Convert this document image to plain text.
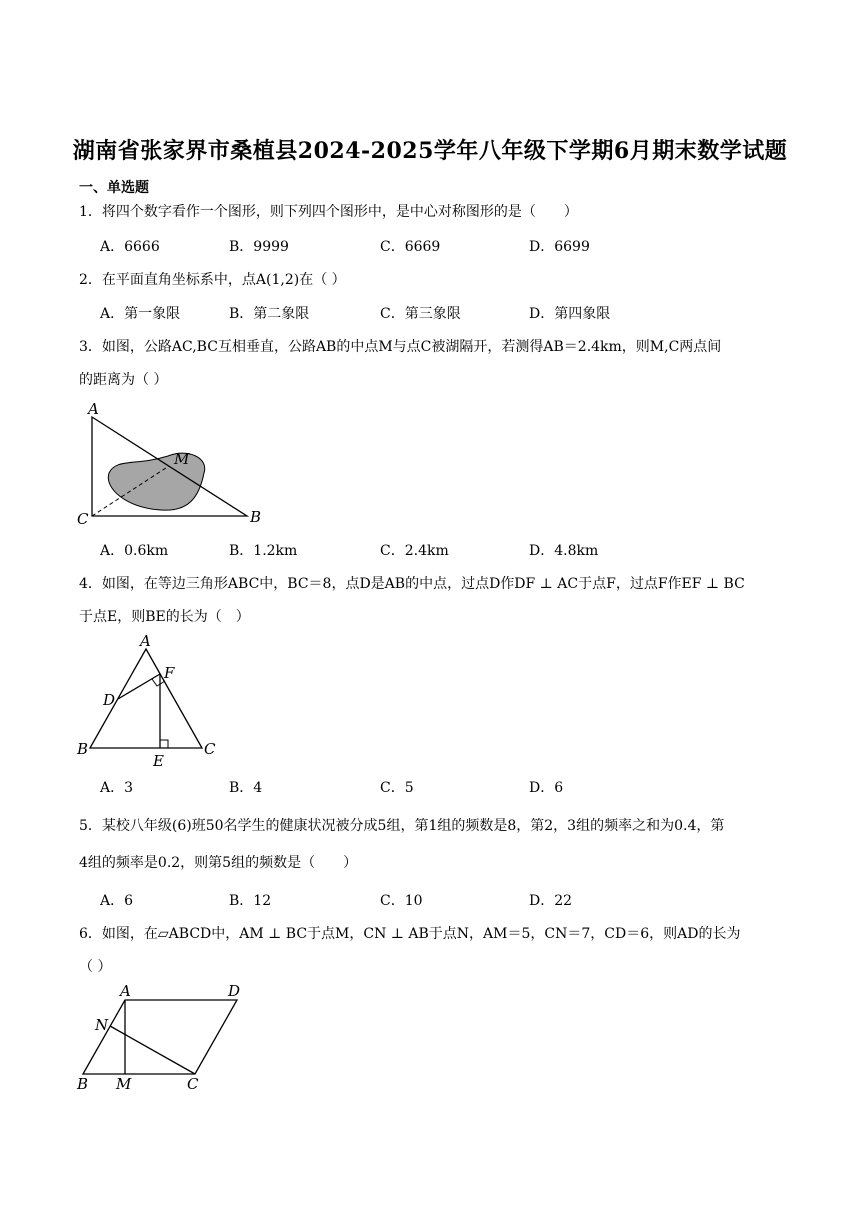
湖南省张家界市桑植县2024-2025学年八年级下学期6月期末数学试题
一、单选题
1．将四个数字看作一个图形，则下列四个图形中，是中心对称图形的是（　　）
A．6666	B．9999	C．6669	D．6699
2．在平面直角坐标系中，点A(1,2)在（ ）
A．第一象限	B．第二象限	C．第三象限	D．第四象限
3．如图，公路AC,BC互相垂直，公路AB的中点M与点C被湖隔开，若测得AB＝2.4km，则M,C两点间
的距离为（ ）
A
M
C	B
A．0.6km	B．1.2km	C．2.4km	D．4.8km
4．如图，在等边三角形ABC中，BC＝8，点D是AB的中点，过点D作DF ⊥ AC于点F，过点F作EF ⊥ BC
于点E，则BE的长为（　）
A
F
D
B
E
C
A．3	B．4	C．5	D．6
5．某校八年级(6)班50名学生的健康状况被分成5组，第1组的频数是8，第2，3组的频率之和为0.4，第
4组的频率是0.2，则第5组的频数是（　　）
A．6	B．12	C．10	D．22
6．如图，在▱ABCD中，AM ⊥ BC于点M，CN ⊥ AB于点N，AM＝5，CN＝7，CD＝6，则AD的长为
（ ）
A	D
N
B M	C
